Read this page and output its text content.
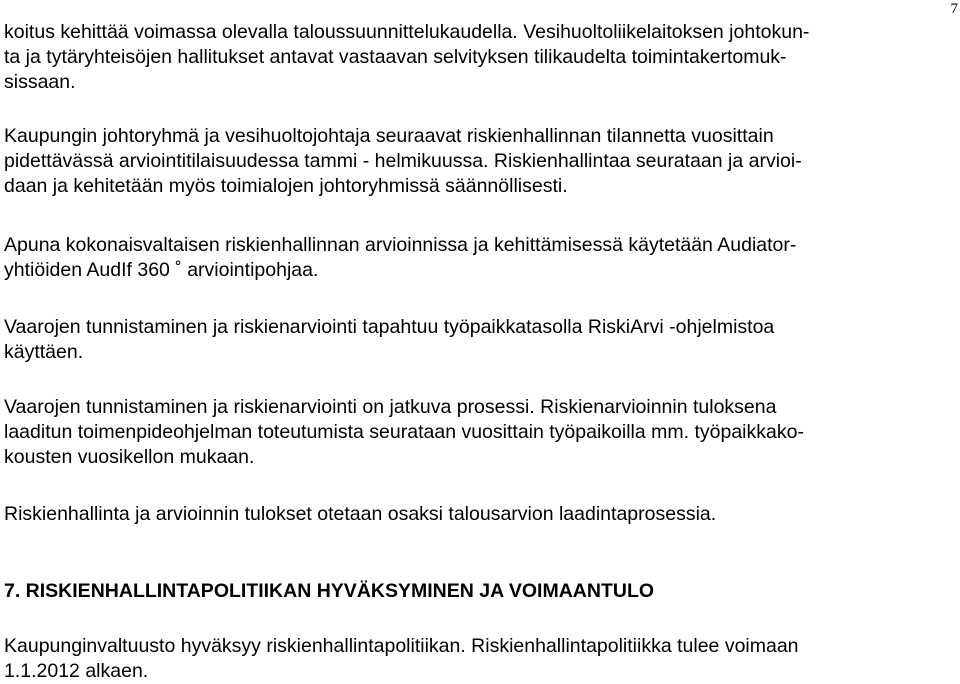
7

koitus kehittää voimassa olevalla taloussuunnittelukaudella. Vesihuoltoliikelaitoksen johtokun-
ta ja tytäryhteisöjen hallitukset antavat vastaavan selvityksen tilikaudelta toimintakertomuk-
sissaan.

Kaupungin johtoryhmä ja vesihuoltojohtaja seuraavat riskienhallinnan tilannetta vuosittain
pidettävässä arviointitilaisuudessa tammi - helmikuussa. Riskienhallintaa seurataan ja arvioi-
daan ja kehitetään myös toimialojen johtoryhmissä säännöllisesti.

Apuna kokonaisvaltaisen riskienhallinnan arvioinnissa ja kehittämisessä käytetään Audiator-
yhtiöiden AudIf 360 ˚ arviointipohjaa.

Vaarojen tunnistaminen ja riskienarviointi tapahtuu työpaikkatasolla RiskiArvi -ohjelmistoa
käyttäen.

Vaarojen tunnistaminen ja riskienarviointi on jatkuva prosessi. Riskienarvioinnin tuloksena
laaditun toimenpideohjelman toteutumista seurataan vuosittain työpaikoilla mm. työpaikkako-
kousten vuosikellon mukaan.

Riskienhallinta ja arvioinnin tulokset otetaan osaksi talousarvion laadintaprosessia.

7. RISKIENHALLINTAPOLITIIKAN HYVÄKSYMINEN JA VOIMAANTULO

Kaupunginvaltuusto hyväksyy riskienhallintapolitiikan. Riskienhallintapolitiikka tulee voimaan
1.1.2012 alkaen.
